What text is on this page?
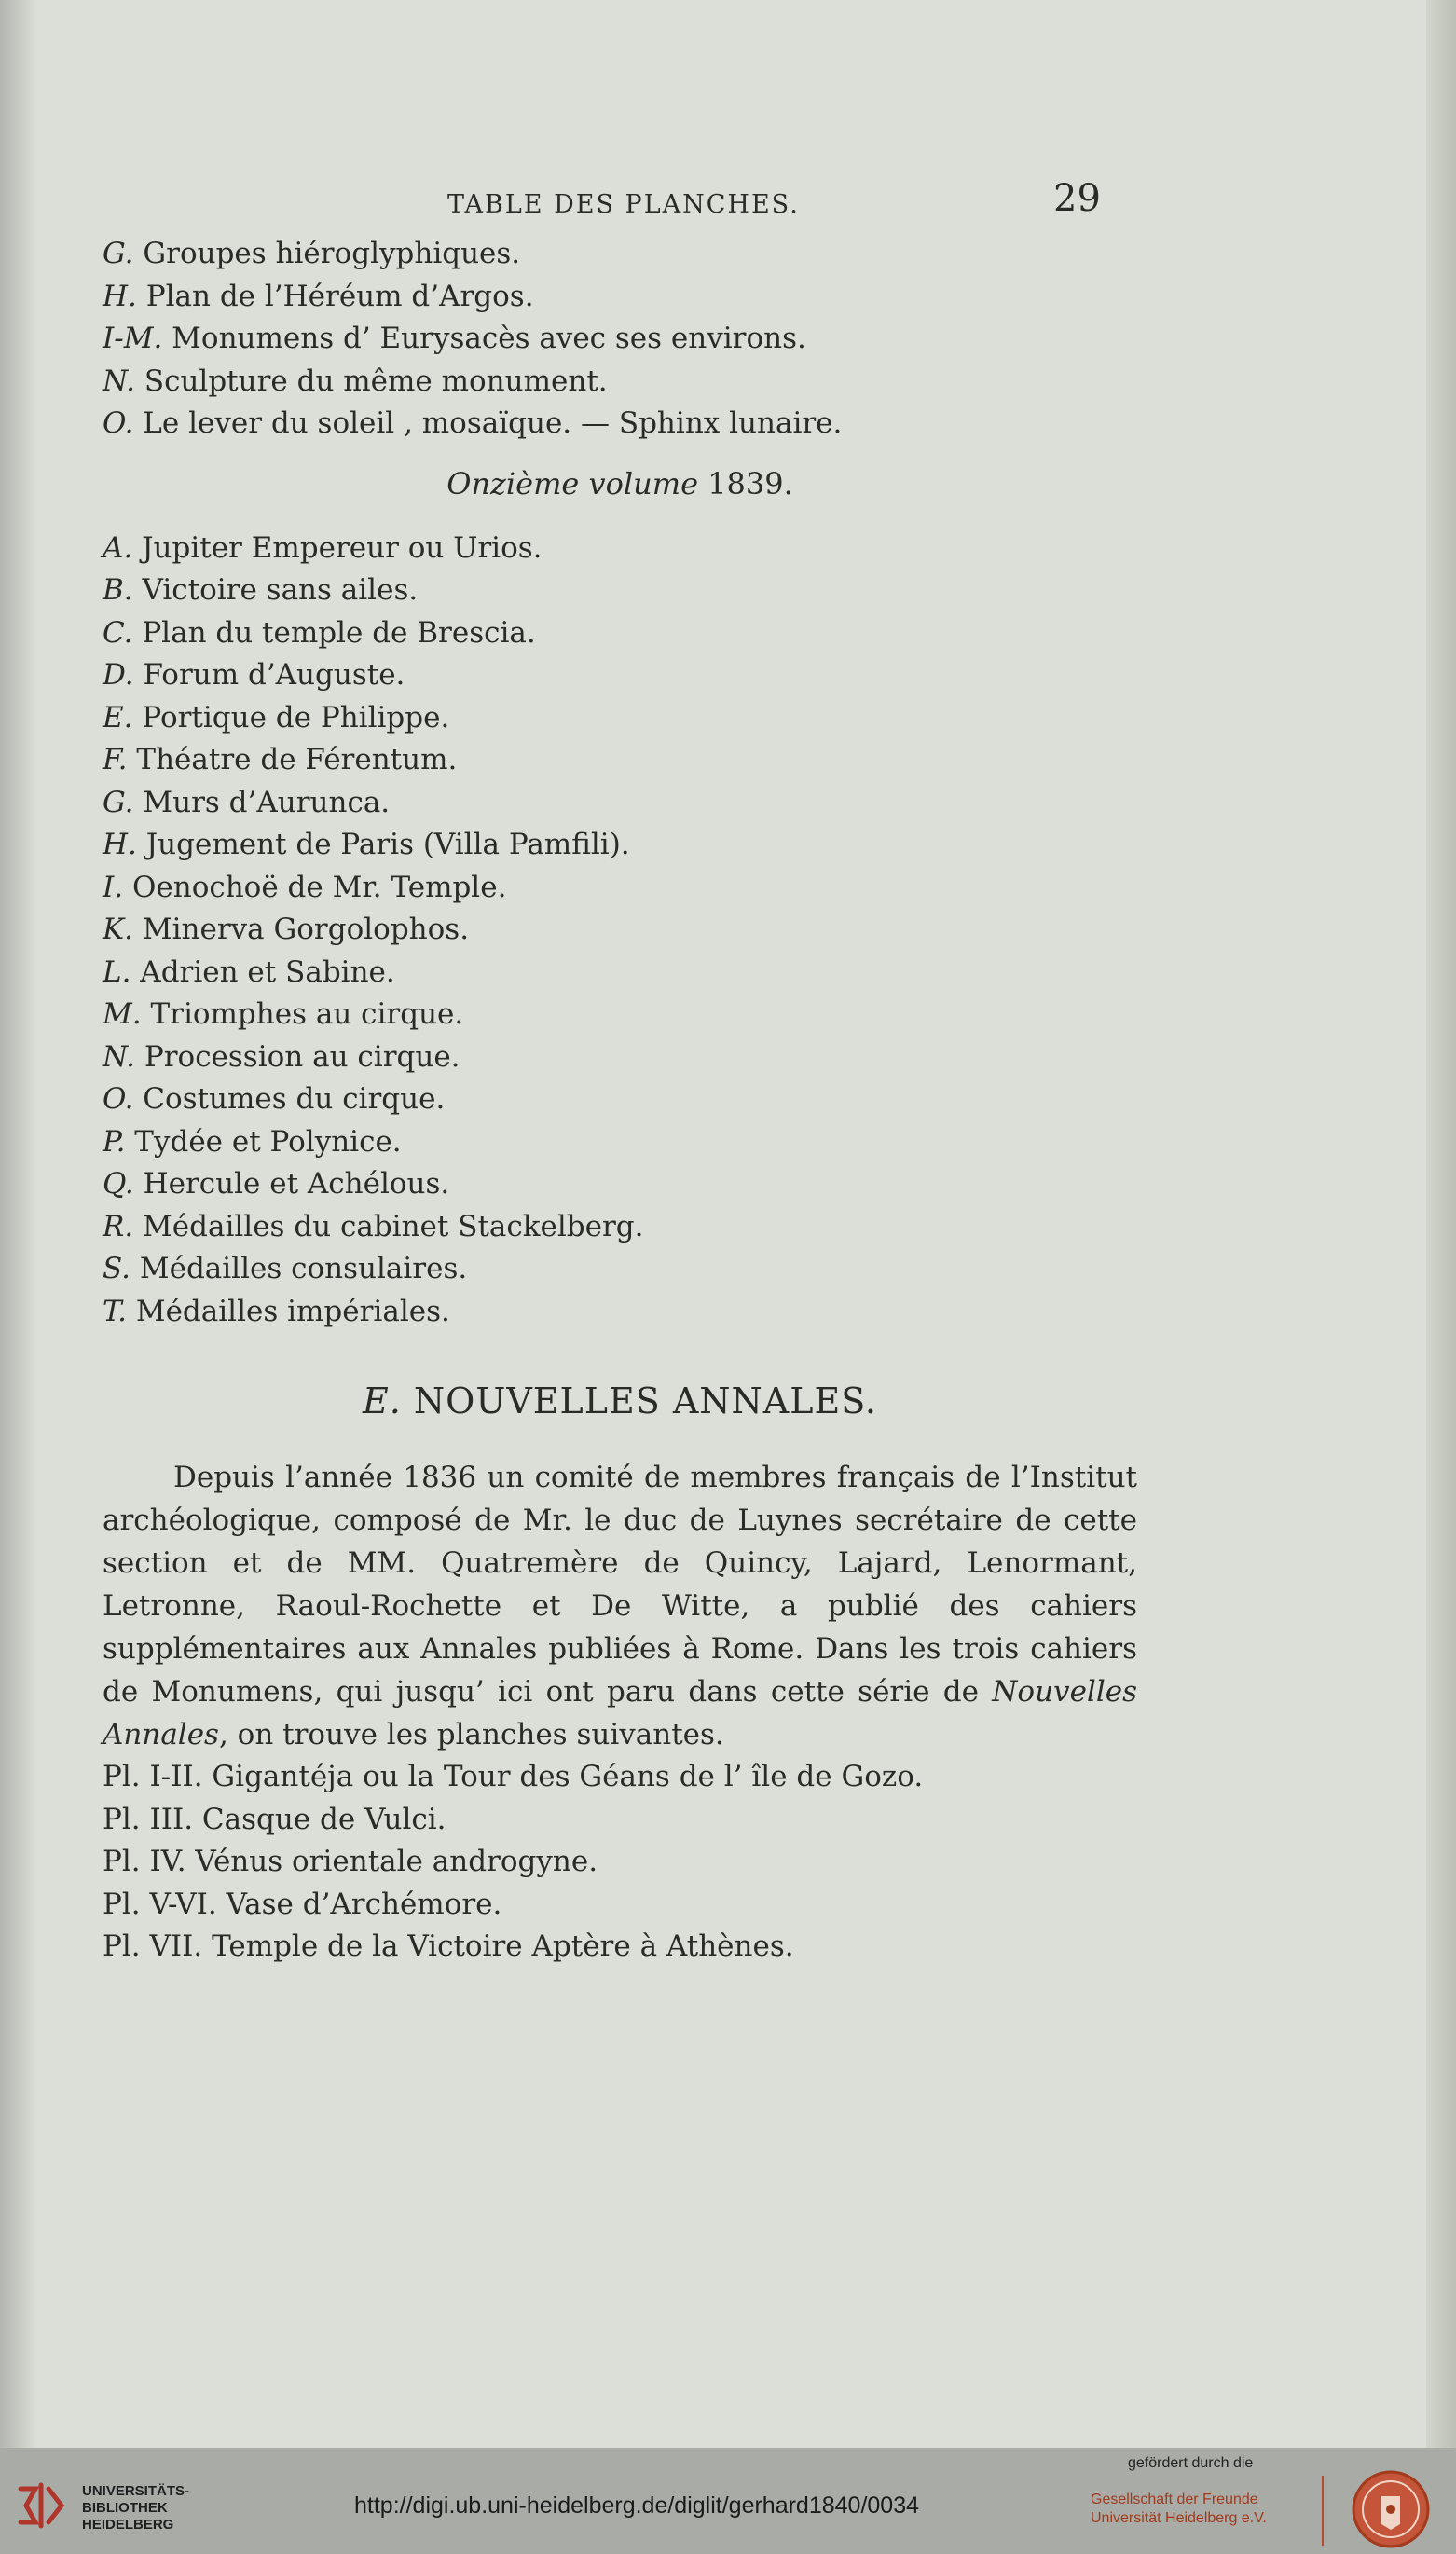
TABLE DES PLANCHES.	29
G. Groupes hiéroglyphiques.
H. Plan de l’Héréum d’Argos.
I-M. Monumens d’ Eurysacès avec ses environs.
N. Sculpture du même monument.
O. Le lever du soleil , mosaïque. — Sphinx lunaire.
Onzième volume 1839.
A. Jupiter Empereur ou Urios.
B. Victoire sans ailes.
C. Plan du temple de Brescia.
D. Forum d’Auguste.
E. Portique de Philippe.
F. Théatre de Férentum.
G. Murs d’Aurunca.
H. Jugement de Paris (Villa Pamfili).
I. Oenochoë de Mr. Temple.
K. Minerva Gorgolophos.
L. Adrien et Sabine.
M. Triomphes au cirque.
N. Procession au cirque.
O. Costumes du cirque.
P. Tydée et Polynice.
Q. Hercule et Achélous.
R. Médailles du cabinet Stackelberg.
S. Médailles consulaires.
T. Médailles impériales.
E. NOUVELLES ANNALES.

Depuis l’année 1836 un comité de membres français de l’Institut archéologique, composé de Mr. le duc de Luynes secrétaire de cette section et de MM. Quatremère de Quincy, Lajard, Lenormant, Letronne, Raoul-Rochette et De Witte, a publié des cahiers supplémentaires aux Annales publiées à Rome. Dans les trois cahiers de Monumens, qui jusqu’ ici ont paru dans cette série de Nouvelles Annales, on trouve les planches suivantes.

Pl. I-II. Gigantéja ou la Tour des Géans de l’ île de Gozo.
Pl. III. Casque de Vulci.
Pl. IV. Vénus orientale androgyne.
Pl. V-VI. Vase d’Archémore.
Pl. VII. Temple de la Victoire Aptère à Athènes.
UNIVERSITÄTS-
BIBLIOTHEK
HEIDELBERG
http://digi.ub.uni-heidelberg.de/diglit/gerhard1840/0034
gefördert durch die
Gesellschaft der Freunde
Universität Heidelberg e.V.
